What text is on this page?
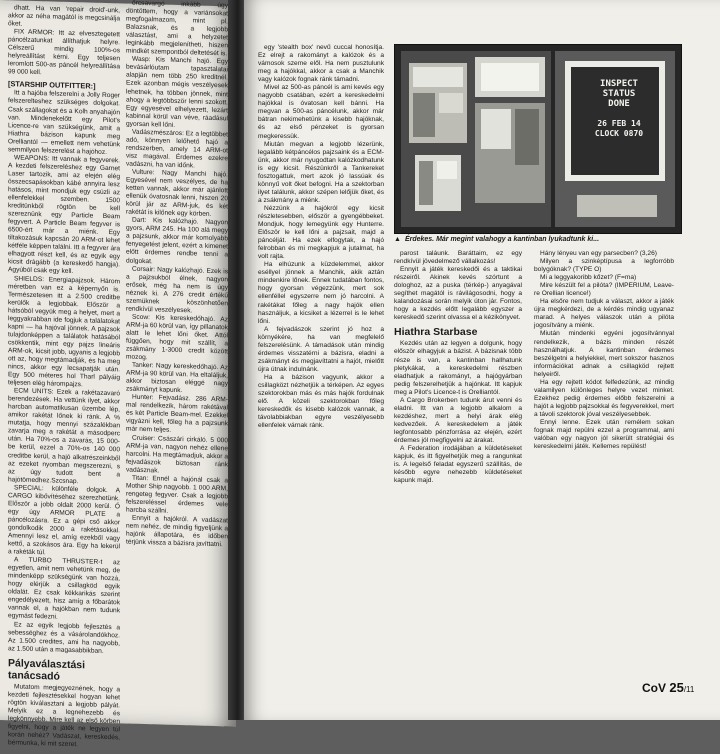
dhatt. Ha van 'repair droid'-unk, akkor az néha magától is megcsinálja őket.

FIX ARMOR: Itt az elvesztegetett páncélzatunkat állíthatjuk helyre. Célszerű mindig 100%-os helyreállítást kérni. Egy teljesen leromlott 500-as páncél helyreállítása 99 000 kell.

[STARSHIP OUTFITTER:]

Itt a hajóba felszerelni a Jolly Roger felszerelteshez szükséges dolgokat. Csak szállagokat és a Kolh anyahajón van. Mindenekelőtt egy Pilot's Licence-re van szükségünk, amit a Hiathra bázison kapunk meg Orelliantól — emellett nem vehetünk semmilyen felszerelést a hajóhoz.

WEAPONS: Itt vannak a fegyverek. A kezdeti felszereléshez egy Garnet Laser tartozik, ami az elején elég összecsapásokban kábé annyira lesz hatásos, mint mondjuk egy csúzli az ellenfelekkel szemben. 1500 kreditünkből rögtön be kell szereznünk egy Particle Beam fegyvert. A Particle Beam fegyver is 6500-ért már a miénk. Egy tiltakozásuk kapcsán 20 ARM-ot lehet kétféle képpen találni. Itt a fegyver ára elhagyott részt kell, és az egyik egy kicsit drágább (a kereskedő hangja). Agyúból csak egy kell.

SHIELDS: Energiapajzsok. Három méretben van ez a képernyőn is. Természetesen itt a 2.500 creditbe kerülők a legjobbak. Először a hátsóból vegyük meg a helyet, mert a leggyakrabban ide fogjuk a találatokat kapni — ha hajóval jönnek. A pajzsok tulajdonképpen a találatok hatásából csökkentik, mint egy pajzs lineáris ARM-ok, kicsit jobb, ugyanis a legjobb ott az, hogy megtámadják, és ha meg nincs, akkor egy lecsapatják után. Egy 500 méteres hol Tharl pályáig teljesen elég hárompajzs.

ECM UNITS: Ezek a rakétazavaró berendezések. Ha vettünk ilyet, akkor harcban automatikusan üzembe lép, amikor rakétát lőnek ki ránk. A % mutatja, hogy mennyi százalékban zavarja meg a rakétát a másodperc után. Ha 70%-os a zavarás, 15 000-be kerül, ezzel a 70%-os 140 000 creditbe kerül, a hajó alkatrészeinkből az ezeket nyomban megszerezni, s az úgy tudott bent a hajótömedhez.Szcsnap.

SPECIAL: különféle dolgok. A CARGO kibővítéséhez szerezhetünk. Először a jobb oldalt 2000 kerül. Ő egy úgy ARMOR PLATE a páncélozásra. Ez a gépi cső akkor gondolkodik 2000 a rakétásokkal. Amennyi lesz el, amíg ezekből vagy kettő, a szokásos ára. Egy ha lekerül a rakéták túl.

A TURBO THRUSTER-t az egyetlen, amit nem vehetünk meg, de mindenképp szükségünk van hozzá, hogy elérjük a csillagköd egyik oldalát. Ez csak kékkarikás szerint engedélyezett, hisz amíg a főbarátok vannak el, a hajókban nem tudunk egymást fedezni.

Ez az egyik legjobb fejlesztés a sebességhez és a vásárolandókhoz. Az 1.500 credites, ami ha nagyobb, az 1.500 után a magasabbikban.

Pályaválasztási tanácsadó

Mutatom megjegyeznének, hogy a kezdeti fejlesztésekkel hogyan lehet rögtön kiválasztani a legjobb pályát. Melyik ez a legnehezebb és legkönnyebb. Mire kell az első körben figyelni, hogy a játék ne legyen túl korán nehéz? Vadászat, kereskedés, bérmunka, ki mit szeret.

őrcsavargó inkább úgy döntöttem, hogy a variánsokat megfogalmazom, mint pl. Balazsnak, és a legjobb választást, ami a helyzetet leginkább megjelenítheti, hiszen mindkét szempontból deltetését is.

Wasp: Kis Manchi hajó. Egy bevásárlóutam tapasztalatai alapján nem több 250 kreditnél. Ezek azonban mégis veszélyesek lehetnek, ha többen jönnek, mint ahogy a legtöbbször lenni szokott. Egy egyesével elhelyezett, lezárt kabinnal körül van véve, ráadásul gyorsan kell lőni.

Vadászmészáros: Ez a legtöbbet adó, könnyen lelőhető hajó a rendszerben, amely 14 ARM-ot visz magával. Érdemes ezekre vadászni, ha van időnk.

Vulture: Nagy Manchi hajó. Egyesével nem veszélyes, de ha ketten vannak, akkor már ajánlott ellenük óvatosnak lenni, hiszen 20 körül jár az ARM-juk, és két rakétát is kilőnek egy körben.

Dart: Kis kalózhajó. Nagyon gyors, ARM 245. Ha 100 alá megy a pajzsunk, akkor már komolyabb fenyegetést jelent, ezért a kimenet előtt érdemes rendbe tenni a dolgokat.

Corsair: Nagy kalózhajó. Ezek is a pajzsukból élnek, nagyon erősek, még ha nem is úgy néznek ki. A 276 credit értékű szemüknek köszönhetően rendkívül veszélyesek.

Scow: Kis kereskedőhajó. Az ARM-ja 60 körül van, így pillanatok alatt le lehet lőni őket. Attól függően, hogy mit szállít, a zsákmány 1-3000 credit között mozog.

Tanker: Nagy kereskedőhajó. Az ARM-ja 90 körül van. Ha eltaláljuk, akkor biztosan eléggé nagy zsákmányt kapunk.

Hunter: Fejvadász. 286 ARM-mal rendelkezik, három rakétával és két Particle Beam-mel. Ezekkel vigyázni kell, főleg ha a pajzsunk már nem teljes.

Cruiser: Császári cirkáló. 5 000 ARM-ja van, nagyon nehéz ellene harcolni. Ha megtámadjuk, akkor a fejvadászok biztosan ránk vadásznak.

Titan: Ennél a hajónál csak a Mother Ship nagyobb. 1 000 ARM, rengeteg fegyver. Csak a legjobb felszereléssel érdemes vele harcba szállni.

Ennyit a hajókról. A vadászat nem nehéz, de mindig figyeljünk a hajónk állapotára, és időben térjünk vissza a bázisra javíttatni.

egy 'stealth box' nevű cuccal honosítja. Ez elrejt a rakományt a kalózok és a vámosok szeme elől. Ha nem pusztulunk meg a hajókkal, akkor a csak a Manchik vagy kalózok fognak ránk támadni.

Mivel az 500-as páncél is ami kevés egy nagyobb csatában, ezért a kereskedelmi hajókkal is óvatosan kell bánni. Ha megvan a 500-as páncélunk, akkor már bátran nekimehetünk a kisebb hajóknak, és az első pénzeket is gyorsan megkeressük.

Miután megvan a legjobb lézerünk, legalább kétpáncélos pajzsaink és a ECM-ünk, akkor már nyugodtan kalózkodhatunk is egy kicsit. Részünkről a Tankereket fosztogattuk, mert azok jó lassúak és könnyű volt őket befogni. Ha a szektorban ilyet találunk, akkor szépen lelőjük őket, és a zsákmány a miénk.

Nézzünk a hajókról egy kicsit részletesebben, először a gyengébbeket. Mondjuk, hogy lemegyünk egy Hunterre. Először le kell lőni a pajzsait, majd a páncélját. Ha ezek elfogytak, a hajó felrobban és mi megkapjuk a jutalmat, ha volt rajta.

Ha elhúzunk a küzdelemmel, akkor eséllyel jönnek a Manchik, akik aztán mindenkire lőnek. Ennek tudatában fontos, hogy gyorsan végezzünk, mert sok ellenféllel egyszerre nem jó harcolni. A rakétákat főleg a nagy hajók ellen használjuk, a kicsiket a lézerrel is le lehet lőni.

A fejvadászok szerint jó hoz a környékére, ha van megfelelő felszerelésünk. A támadások után mindig érdemes visszatérni a bázisra, eladni a zsákmányt és megjavíttatni a hajót, mielőtt újra útnak indulnánk.

Ha a bázison vagyunk, akkor a csillagközt nézhetjük a térképen. Az egyes szektorokban más és más hajók fordulnak elő. A közeli szektorokban főleg kereskedők és kisebb kalózok vannak, a távolabbiakban egyre veszélyesebb ellenfelek várnak ránk.

INSPECT
STATUS
DONE
26 FEB 14
CLOCK 0870
▲ Érdekes. Már megint valahogy a kantinban lyukadtunk ki...

parost taláunk. Baráttaim, ez egy rendkívül jövedelmező vállalkozás!

Ennyit a játék kereskedői és a taktikai részeiről. Akinek kevés szórtunt a dologhoz, az a puska (térkép-) anyagával segíthet magától is rávilágosodni, hogy a kalandozásai során melyik úton jár. Fontos, hogy a kezdés előtt legalább egyszer a kereskedő szerint olvassa el a kézikönyvet.

Hiathra Starbase

Kezdés után az legyen a dolgunk, hogy először elhagyjuk a bázist. A bázisnak több része is van, a kantinban hallhatunk pletykákat, a kereskedelmi részben eladhatjuk a rakományt, a hajógyárban pedig felszerelhetjük a hajónkat. Itt kapjuk meg a Pilot's Licence-t is Orelliantól.

A Cargo Brokerben tudunk árut venni és eladni. Itt van a legjobb alkalom a kezdéshez, mert a helyi árak elég kedvezőek. A kereskedelem a játék legfontosabb pénzforrása az elején, ezért érdemes jól megfigyelni az árakat.

A Federation irodájában a küldetéseket kapjuk, és itt figyelhetjük meg a rangunkat is. A legelső feladat egyszerű szállítás, de később egyre nehezebb küldetéseket kapunk majd.

Hány lényeu van egy parsecben? (3,26)

Milyen a szinképtípusa a legforróbb bolygóknak? (TYPE O)

Mi a leggyakoribb kőzet? (F=ma)

Mire készült fel a pilóta? (IMPERIUM, Leave-re Orellian licence!)

Ha elsőre nem tudjuk a választ, akkor a játék újra megkérdezi, de a kérdés mindig ugyanaz marad. A helyes válaszok után a pilóta jogosítvány a miénk.

Miután mindenki egyéni jogosítvánnyal rendelkezik, a bázis minden részét használhatjuk. A kantinban érdemes beszélgetni a helyiekkel, mert sokszor hasznos információkat adnak a csillagköd rejtett helyeiről.

Ha egy rejtett kódot felfedezünk, az mindig valamilyen különleges helyre vezet minket. Ezekhez pedig érdemes előbb felszerelni a hajót a legjobb pajzsokkal és fegyverekkel, mert a távoli szektorok jóval veszélyesebbek.

Ennyi lenne. Ezek után remélem sokan fognak majd repülni ezzel a programmal, ami valóban egy nagyon jól sikerült stratégiai és kereskedelmi játék. Kellemes repülést!

CoV 25/11
